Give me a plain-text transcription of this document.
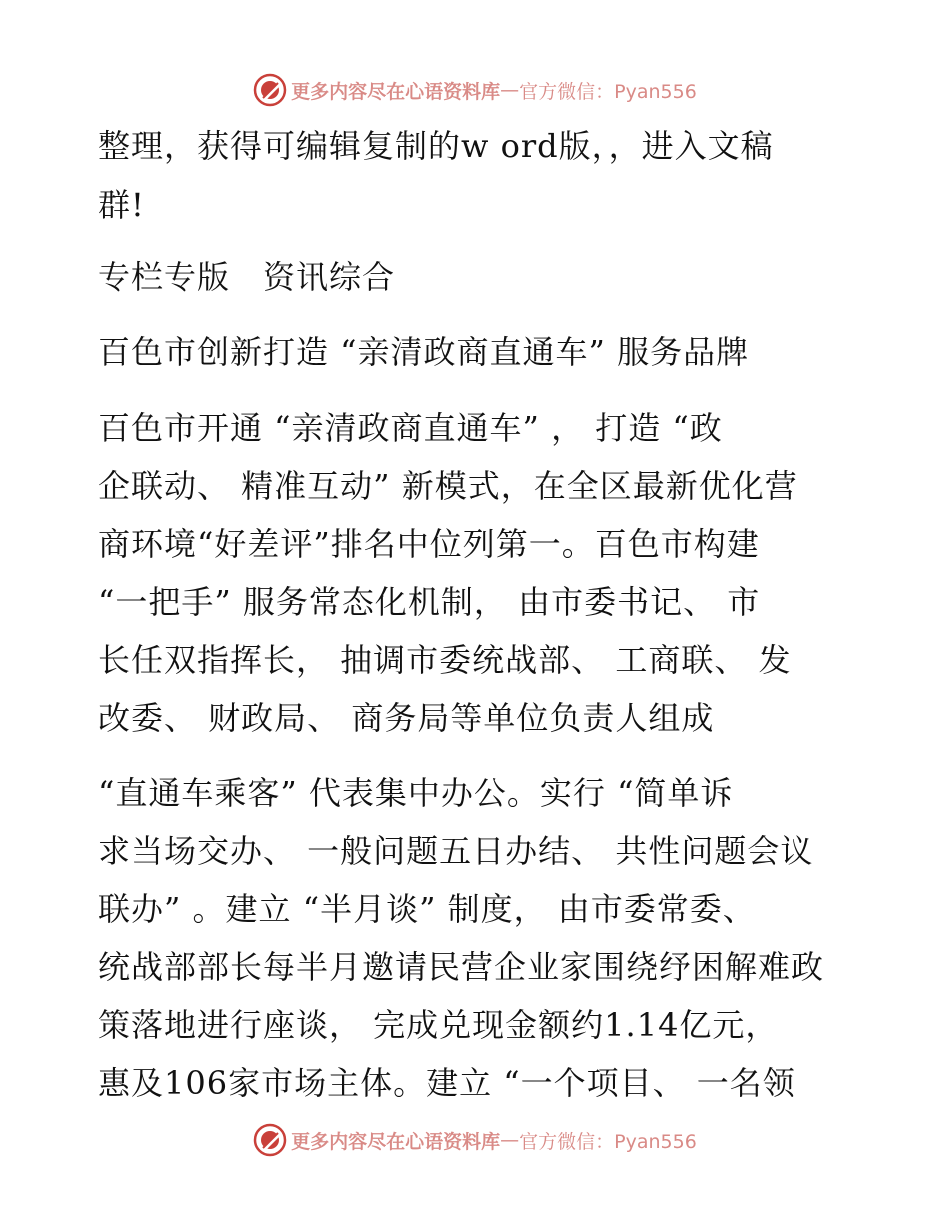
更多内容尽在心语资料库 — 官方微信：Pyan556
整理，获得可编辑复制的w ord版，，进入文稿
群!
专栏专版　资讯综合
百色市创新打造 “亲清政商直通车” 服务品牌
百色市开通 “亲清政商直通车” ， 打造 “政
企联动、 精准互动” 新模式，在全区最新优化营
商环境“好差评”排名中位列第一。百色市构建
“一把手” 服务常态化机制， 由市委书记、 市
长任双指挥长， 抽调市委统战部、 工商联、 发
改委、 财政局、 商务局等单位负责人组成
“直通车乘客” 代表集中办公。实行 “简单诉
求当场交办、 一般问题五日办结、 共性问题会议
联办” 。建立 “半月谈” 制度， 由市委常委、
统战部部长每半月邀请民营企业家围绕纾困解难政
策落地进行座谈， 完成兑现金额约1.14亿元，
惠及106家市场主体。建立 “一个项目、 一名领
更多内容尽在心语资料库 — 官方微信：Pyan556
